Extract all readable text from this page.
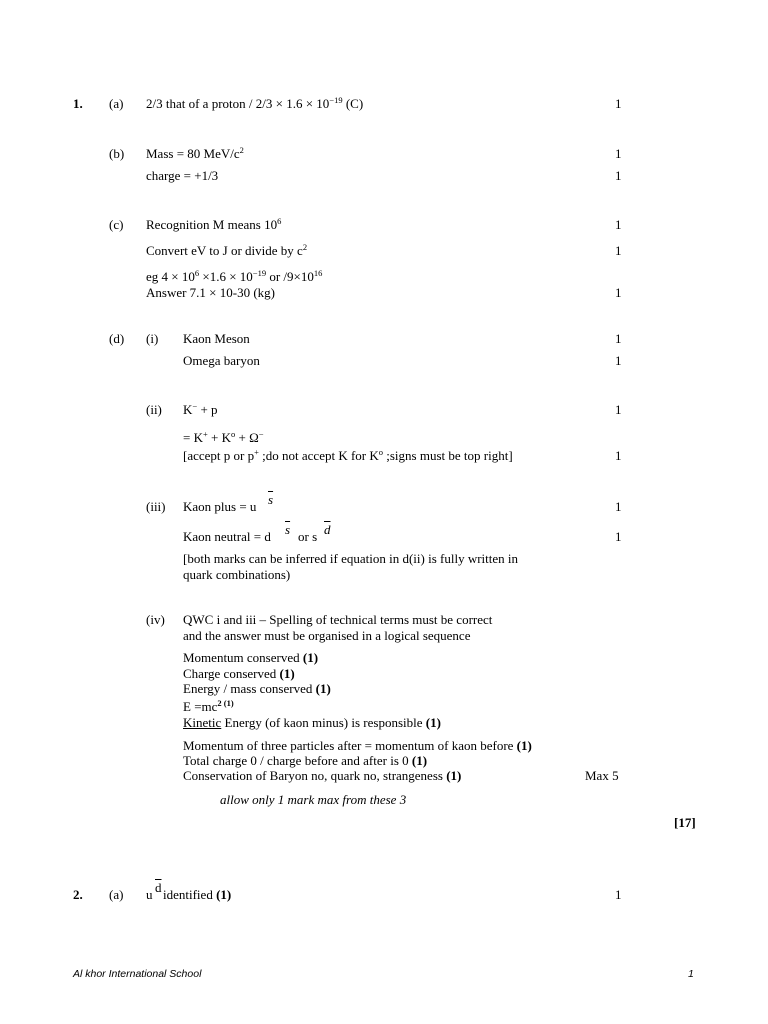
1. (a) 2/3 that of a proton / $2/3 \times 1.6 \times 10^{-19}$ (C)	1
(b) Mass = 80 MeV/$c^2$	1
charge = +1/3	1
(c) Recognition M means $10^6$	1
Convert eV to J or divide by $c^2$	1
eg $4 \times 10^6 \times 1.6 \times 10^{-19}$ or $/9\times 10^{16}$
Answer 7.1 × 10-30 (kg)	1
(d) (i) Kaon Meson	1
Omega baryon	1
(ii) K− + p	1
= $K^+ + K^o + \Omega^-$
[accept p or p+ ;do not accept K for $K^o$ ;signs must be top right]	1
(iii) Kaon plus = u $\overline{s}$	1
Kaon neutral = d $\overline{s}$ or s $\overline{d}$	1
[both marks can be inferred if equation in d(ii) is fully written in
quark combinations)
(iv) QWC i and iii – Spelling of technical terms must be correct
and the answer must be organised in a logical sequence
Momentum conserved (1)
Charge conserved (1)
Energy / mass conserved (1)
$E =mc^{2 (1)}$
Kinetic Energy (of kaon minus) is responsible (1)
Momentum of three particles after = momentum of kaon before (1)
Total charge 0 / charge before and after is 0 (1)
Conservation of Baryon no, quark no, strangeness (1)	Max 5
allow only 1 mark max from these 3
[17]
2. (a) u $\overline{d}$ identified (1)	1
Al khor International School	1
